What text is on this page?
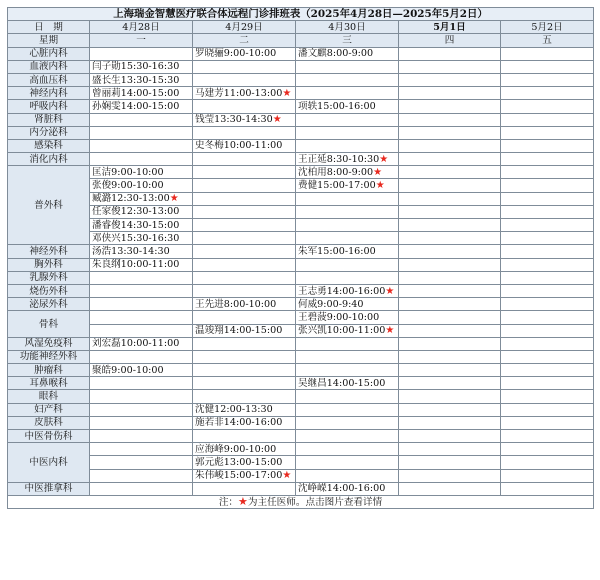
上海瑞金智慧医疗联合体远程门诊排班表（2025年4月28日—2025年5月2日）					
日　期	4月28日	4月29日	4月30日	5月1日	5月2日
星期	一	二	三	四	五
心脏内科		罗晓骊9:00-10:00	潘文麒8:00-9:00		
血液内科	闫子勋15:30-16:30				
高血压科	盛长生13:30-15:30				
神经内科	曾丽莉14:00-15:00	马建芳11:00-13:00★			
呼吸内科	孙娴雯14:00-15:00		项轶15:00-16:00		
肾脏科		钱莹13:30-14:30★			
内分泌科					
感染科		史冬梅10:00-11:00			
消化内科			王正延8:30-10:30★		
普外科	匡洁9:00-10:00		沈柏用8:00-9:00★		
	张俊9:00-10:00		费健15:00-17:00★		
	臧潞12:30-13:00★				
	任家俊12:30-13:00				
	潘睿俊14:30-15:00				
	邓侠兴15:30-16:30				
神经外科	汤浩13:30-14:30		朱军15:00-16:00		
胸外科	朱良纲10:00-11:00				
乳腺外科					
烧伤外科			王志勇14:00-16:00★		
泌尿外科		王先进8:00-10:00	何威9:00-9:40		
骨科			王碧菠9:00-10:00		
		温竣翔14:00-15:00	张兴凯10:00-11:00★		
风湿免疫科	刘宏磊10:00-11:00				
功能神经外科					
肿瘤科	聚皓9:00-10:00				
耳鼻喉科			吴继昌14:00-15:00		
眼科					
妇产科		沈健12:00-13:30			
皮肤科		施若非14:00-16:00			
中医骨伤科					
中医内科		应海峰9:00-10:00			
		郭元彪13:00-15:00			
		朱伟峻15:00-17:00★			
中医推拿科			沈峥嵘14:00-16:00		
注：★为主任医师。点击图片查看详情					
